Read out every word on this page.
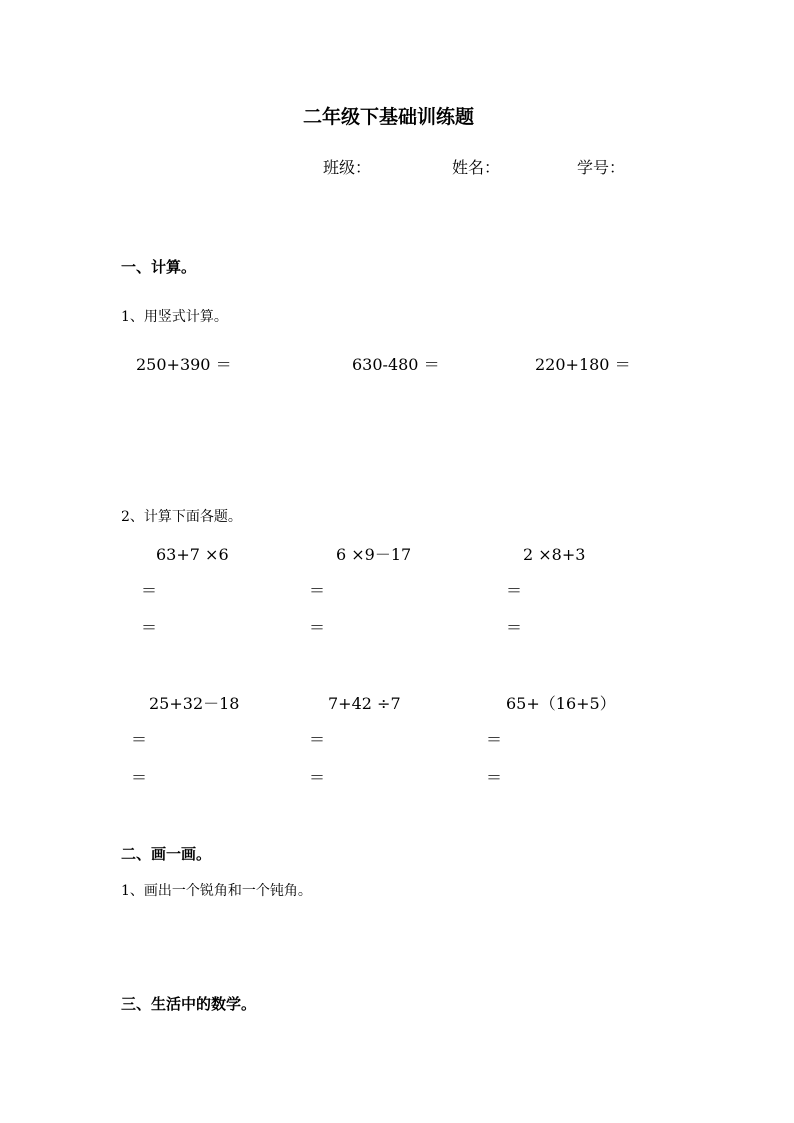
二年级下基础训练题
班级：	姓名：	学号：
一、计算。
1、用竖式计算。
250+390 ＝	630-480 ＝	220+180 ＝
2、计算下面各题。
63+7 ×6	6 ×9－17	2 ×8+3
＝	＝	＝
＝	＝	＝
25+32－18	7+42 ÷7	65+（16+5）
＝	＝	＝
＝	＝	＝
二、画一画。
1、画出一个锐角和一个钝角。
三、生活中的数学。
